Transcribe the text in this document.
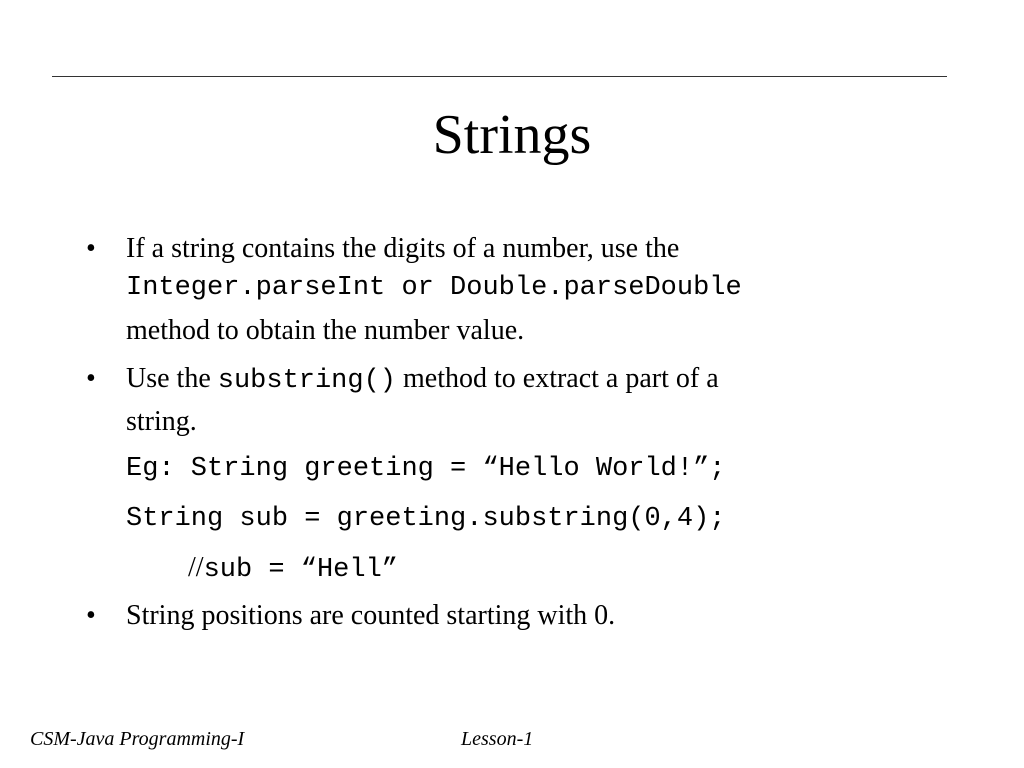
Strings
• If a string contains the digits of a number, use the
Integer.parseInt or Double.parseDouble
method to obtain the number value.
• Use the substring() method to extract a part of a
string.
Eg: String greeting = “Hello World!”;
String sub = greeting.substring(0,4);
//sub = “Hell”
• String positions are counted starting with 0.
CSM-Java Programming-I	Lesson-1
